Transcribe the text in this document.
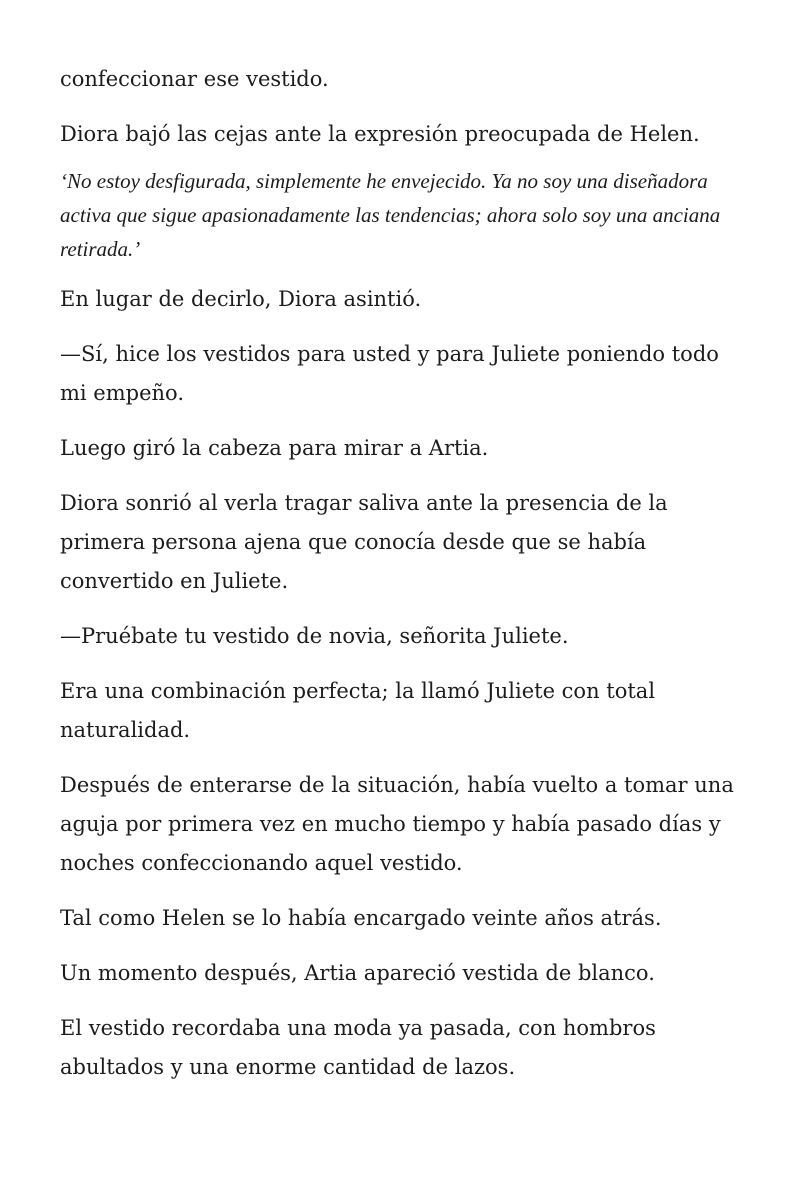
confeccionar ese vestido.

Diora bajó las cejas ante la expresión preocupada de Helen.

‘No estoy desfigurada, simplemente he envejecido. Ya no soy una diseñadora activa que sigue apasionadamente las tendencias; ahora solo soy una anciana retirada.’

En lugar de decirlo, Diora asintió.

—Sí, hice los vestidos para usted y para Juliete poniendo todo mi empeño.

Luego giró la cabeza para mirar a Artia.

Diora sonrió al verla tragar saliva ante la presencia de la primera persona ajena que conocía desde que se había convertido en Juliete.

—Pruébate tu vestido de novia, señorita Juliete.

Era una combinación perfecta; la llamó Juliete con total naturalidad.

Después de enterarse de la situación, había vuelto a tomar una aguja por primera vez en mucho tiempo y había pasado días y noches confeccionando aquel vestido.

Tal como Helen se lo había encargado veinte años atrás.

Un momento después, Artia apareció vestida de blanco.

El vestido recordaba una moda ya pasada, con hombros abultados y una enorme cantidad de lazos.
